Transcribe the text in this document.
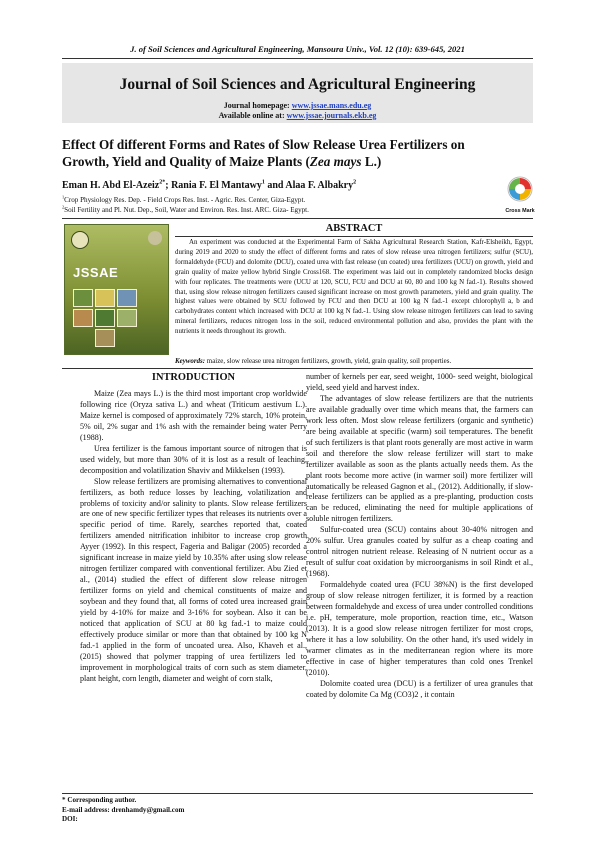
J. of Soil Sciences and Agricultural Engineering, Mansoura Univ., Vol. 12 (10): 639-645, 2021
Journal of Soil Sciences and Agricultural Engineering
Journal homepage: www.jssae.mans.edu.eg
Available online at: www.jssae.journals.ekb.eg
Effect Of different Forms and Rates of Slow Release Urea Fertilizers on Growth, Yield and Quality of Maize Plants (Zea mays L.)
Eman H. Abd El-Azeiz$^{2*}$; Rania F. El Mantawy$^1$ and Alaa F. Albakry$^2$
Cross Mark
$^1$Crop Physiology Res. Dep. - Field Crops Res. Inst. - Agric. Res. Center, Giza-Egypt.
$^2$Soil Fertility and Pl. Nut. Dep., Soil, Water and Environ. Res. Inst. ARC. Giza- Egypt.
JSSAE
ABSTRACT
An experiment was conducted at the Experimental Farm of Sakha Agricultural Research Station, Kafr-Elsheikh, Egypt, during 2019 and 2020 to study the effect of different forms and rates of slow release urea nitrogen fertilizers; sulfur (SCU), formaldehyde (FCU) and dolomite (DCU), coated urea with fast release (un coated) urea fertilizers (UCU) on growth, yield and grain quality of maize yellow hybrid Single Cross168. The experiment was laid out in completely randomized blocks design with four replicates. The treatments were (UCU at 120, SCU, FCU and DCU at 60, 80 and 100 kg N fad.-1). Results showed that, using slow release nitrogen fertilizers caused significant increase on most growth parameters, yield and grain quality. The highest values were obtained by SCU followed by FCU and then DCU at 100 kg N fad.-1 except chlorophyll a, b and carbohydrates content which increased with DCU at 100 kg N fad.-1. Using slow release nitrogen fertilizers can lead to saving mineral fertilizers, reduces nitrogen loss in the soil, reduced environmental pollution and also, provides the plant with the nutrients it needs throughout its growth.
Keywords: maize, slow release urea nitrogen fertilizers, growth, yield, grain quality, soil properties.

INTRODUCTION

Maize (Zea mays L.) is the third most important crop worldwide following rice (Oryza sativa L.) and wheat (Triticum aestivum L.). Maize kernel is composed of approximately 72% starch, 10% protein, 5% oil, 2% sugar and 1% ash with the remainder being water Perry (1988).

Urea fertilizer is the famous important source of nitrogen that is used widely, but more than 30% of it is lost as a result of leaching, decomposition and volatilization Shaviv and Mikkelsen (1993).

Slow release fertilizers are promising alternatives to conventional fertilizers, as both reduce losses by leaching, volatilization and problems of toxicity and/or salinity to plants. Slow release fertilizers are one of new specific fertilizer types that releases its nutrients over a specific period of time. Rarely, searches reported that, coated fertilizers amended nitrification inhibitor to increase crop growth Ayyer (1992). In this respect, Fageria and Baligar (2005) recorded a significant increase in maize yield by 10.35% after using slow release nitrogen fertilizer compared with conventional fertilizer. Abu Zied et al., (2014) studied the effect of different slow release nitrogen fertilizer forms on yield and chemical constituents of maize and soybean and they found that, all forms of coted urea increased grain yield by 4-10% for maize and 3-16% for soybean. Also it can be noticed that application of SCU at 80 kg fad.-1 to maize could effectively produce similar or more than that obtained by 100 kg N fad.-1 applied in the form of uncoated urea. Also, Khaveh et al., (2015) showed that polymer trapping of urea fertilizers led to improvement in morphological traits of corn such as stem diameter, plant height, corn length, diameter and weight of corn stalk,

number of kernels per ear, seed weight, 1000- seed weight, biological yield, seed yield and harvest index.

The advantages of slow release fertilizers are that the nutrients are available gradually over time which means that, the farmers can work less often. Most slow release fertilizers (organic and synthetic) are being available at specific (warm) soil temperatures. The benefit of such fertilizers is that plant roots generally are most active in warm soil and therefore the slow release fertilizer will start to make fertilizer available as soon as the plants actually needs them. As the plant roots become more active (in warmer soil) more fertilizer will automatically be released Gagnon et al., (2012). Additionally, if slow-release fertilizers can be applied as a pre-planting, production costs can be reduced, eliminating the need for multiple applications of soluble nitrogen fertilizers.

Sulfur-coated urea (SCU) contains about 30-40% nitrogen and 20% sulfur. Urea granules coated by sulfur as a cheap coating and control nitrogen nutrient release. Releasing of N nutrient occur as a result of sulfur coat oxidation by microorganisms in soil Rindt et al., (1968).

Formaldehyde coated urea (FCU 38%N) is the first developed group of slow release nitrogen fertilizer, it is formed by a reaction between formaldehyde and excess of urea under controlled conditions i.e. pH, temperature, mole proportion, reaction time, etc., Watson (2013). It is a good slow release nitrogen fertilizer for most crops, where it has a low solubility. On the other hand, it's used widely in warmer climates as in the mediterranean region where its more effective in case of higher temperatures than cold ones Trenkel (2010).

Dolomite coated urea (DCU) is a fertilizer of urea granules that coated by dolomite Ca Mg (CO3)2 , it contain

* Corresponding author.
E-mail address: drenhamdy@gmail.com
DOI:
